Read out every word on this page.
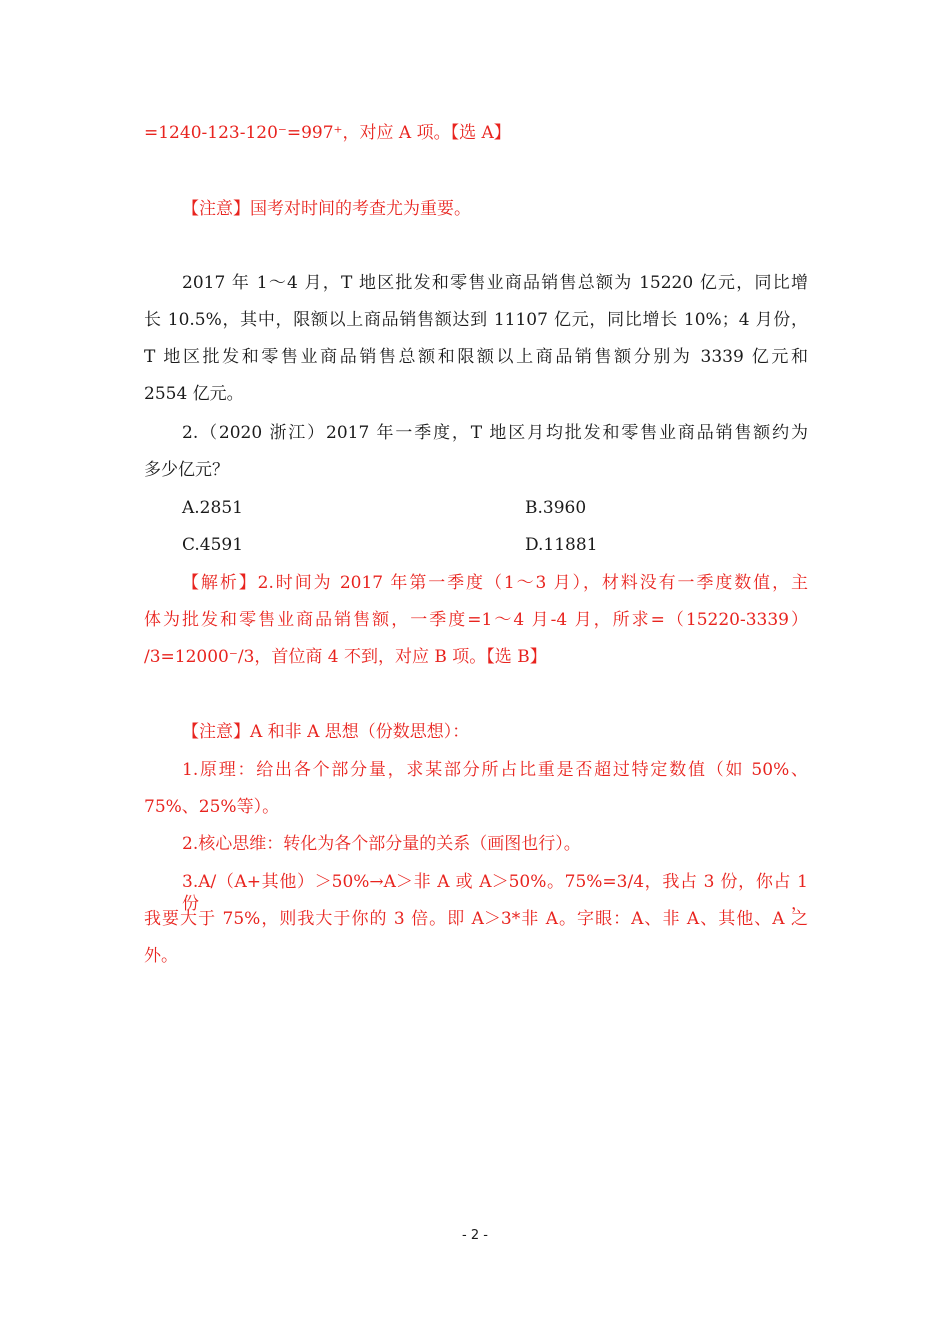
=1240-123-120⁻=997⁺，对应 A 项。【选 A】
【注意】国考对时间的考查尤为重要。
2017 年 1～4 月，T 地区批发和零售业商品销售总额为 15220 亿元，同比增
长 10.5%，其中，限额以上商品销售额达到 11107 亿元，同比增长 10%；4 月份，
T 地区批发和零售业商品销售总额和限额以上商品销售额分别为 3339 亿元和
2554 亿元。
2.（2020 浙江）2017 年一季度，T 地区月均批发和零售业商品销售额约为
多少亿元？
A.2851	B.3960
C.4591	D.11881
【解析】2.时间为 2017 年第一季度（1～3 月），材料没有一季度数值，主
体为批发和零售业商品销售额，一季度=1～4 月-4 月，所求=（15220-3339）
/3=12000⁻/3，首位商 4 不到，对应 B 项。【选 B】
【注意】A 和非 A 思想（份数思想）：
1.原理：给出各个部分量，求某部分所占比重是否超过特定数值（如 50%、
75%、25%等）。
2.核心思维：转化为各个部分量的关系（画图也行）。
3.A/（A+其他）＞50%→A＞非 A 或 A＞50%。75%=3/4，我占 3 份，你占 1 份，
我要大于 75%，则我大于你的 3 倍。即 A＞3*非 A。字眼：A、非 A、其他、A 之
外。
- 2 -
